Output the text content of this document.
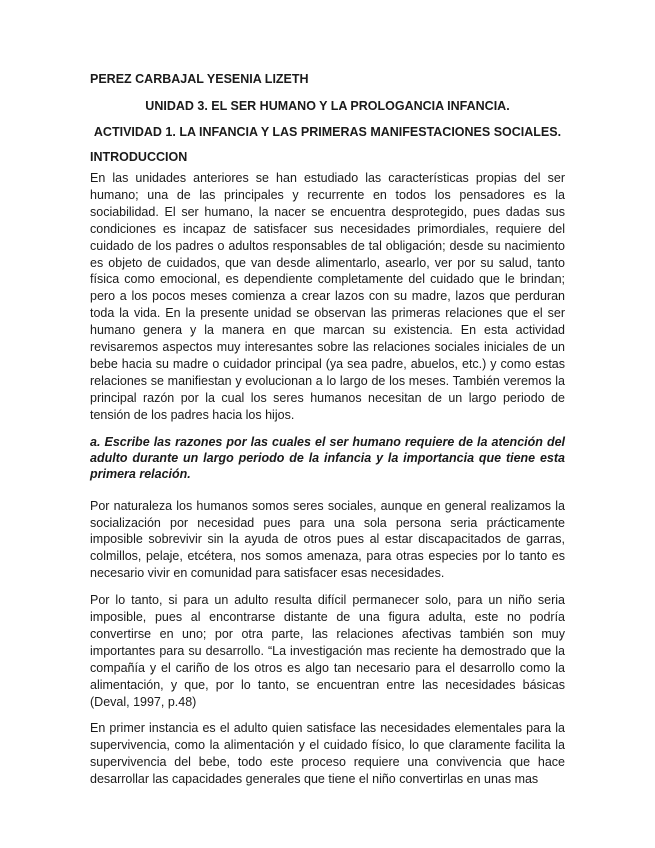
PEREZ CARBAJAL YESENIA LIZETH
UNIDAD 3. EL SER HUMANO Y LA PROLOGANCIA INFANCIA.
ACTIVIDAD 1. LA INFANCIA Y LAS PRIMERAS MANIFESTACIONES SOCIALES.
INTRODUCCION

En las unidades anteriores se han estudiado las características propias del ser humano; una de las principales y recurrente en todos los pensadores es la sociabilidad. El ser humano, la nacer se encuentra desprotegido, pues dadas sus condiciones es incapaz de satisfacer sus necesidades primordiales, requiere del cuidado de los padres o adultos responsables de tal obligación; desde su nacimiento es objeto de cuidados, que van desde alimentarlo, asearlo, ver por su salud, tanto física como emocional, es dependiente completamente del cuidado que le brindan; pero a los pocos meses comienza a crear lazos con su madre, lazos que perduran toda la vida. En la presente unidad se observan las primeras relaciones que el ser humano genera y la manera en que marcan su existencia. En esta actividad revisaremos aspectos muy interesantes sobre las relaciones sociales iniciales de un bebe hacia su madre o cuidador principal (ya sea padre, abuelos, etc.) y como estas relaciones se manifiestan y evolucionan a lo largo de los meses. También veremos la principal razón por la cual los seres humanos necesitan de un largo periodo de tensión de los padres hacia los hijos.

a. Escribe las razones por las cuales el ser humano requiere de la atención del adulto durante un largo periodo de la infancia y la importancia que tiene esta primera relación.

Por naturaleza los humanos somos seres sociales, aunque en general realizamos la socialización por necesidad pues para una sola persona seria prácticamente imposible sobrevivir sin la ayuda de otros pues al estar discapacitados de garras, colmillos, pelaje, etcétera, nos somos amenaza, para otras especies por lo tanto es necesario vivir en comunidad para satisfacer esas necesidades.

Por lo tanto, si para un adulto resulta difícil permanecer solo, para un niño seria imposible, pues al encontrarse distante de una figura adulta, este no podría convertirse en uno; por otra parte, las relaciones afectivas también son muy importantes para su desarrollo. “La investigación mas reciente ha demostrado que la compañía y el cariño de los otros es algo tan necesario para el desarrollo como la alimentación, y que, por lo tanto, se encuentran entre las necesidades básicas (Deval, 1997, p.48)

En primer instancia es el adulto quien satisface las necesidades elementales para la supervivencia, como la alimentación y el cuidado físico, lo que claramente facilita la supervivencia del bebe, todo este proceso requiere una convivencia que hace desarrollar las capacidades generales que tiene el niño convertirlas en unas mas
